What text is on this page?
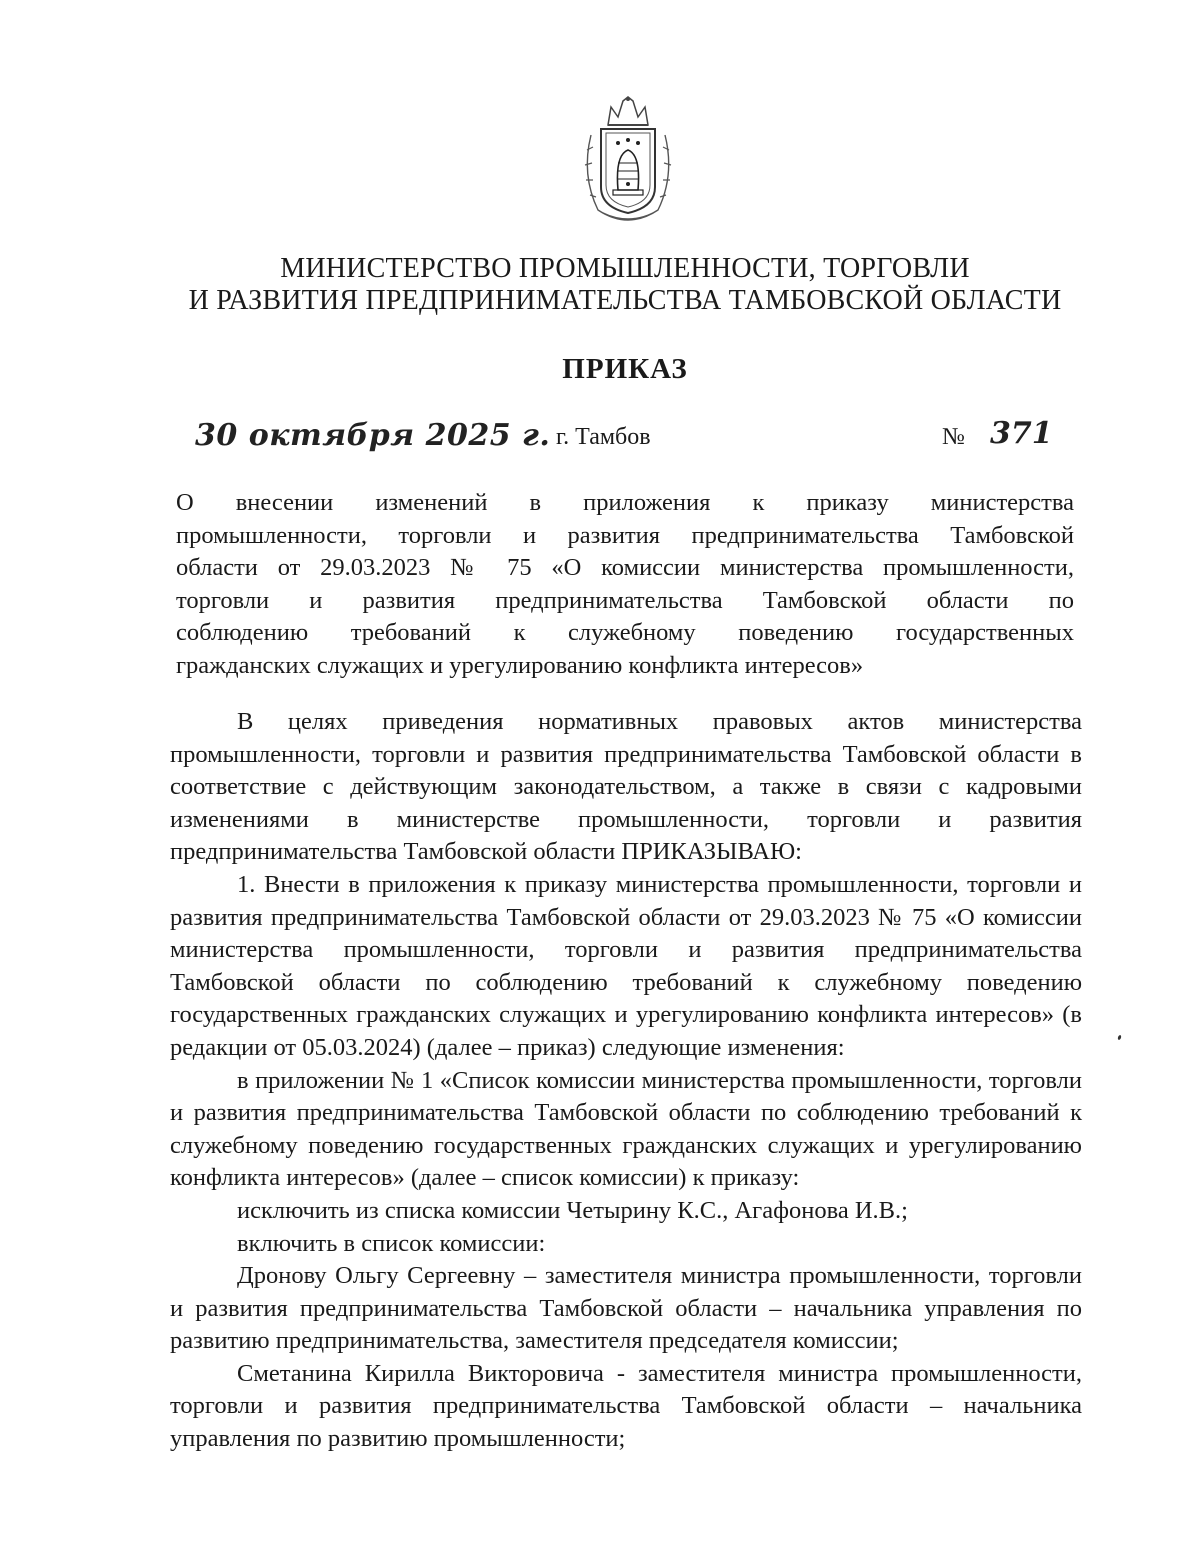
МИНИСТЕРСТВО ПРОМЫШЛЕННОСТИ, ТОРГОВЛИ
И РАЗВИТИЯ ПРЕДПРИНИМАТЕЛЬСТВА ТАМБОВСКОЙ ОБЛАСТИ
ПРИКАЗ
30 октября 2025 г. г. Тамбов	№ 371
О внесении изменений в приложения к приказу министерства
промышленности, торговли и развития предпринимательства Тамбовской
области от 29.03.2023 № 75 «О комиссии министерства промышленности,
торговли и развития предпринимательства Тамбовской области по
соблюдению требований к служебному поведению государственных
гражданских служащих и урегулированию конфликта интересов»

В целях приведения нормативных правовых актов министерства промышленности, торговли и развития предпринимательства Тамбовской области в соответствие с действующим законодательством, а также в связи с кадровыми изменениями в министерстве промышленности, торговли и развития предпринимательства Тамбовской области ПРИКАЗЫВАЮ:

1. Внести в приложения к приказу министерства промышленности, торговли и развития предпринимательства Тамбовской области от 29.03.2023 № 75 «О комиссии министерства промышленности, торговли и развития предпринимательства Тамбовской области по соблюдению требований к служебному поведению государственных гражданских служащих и урегулированию конфликта интересов» (в редакции от 05.03.2024) (далее – приказ) следующие изменения:

в приложении № 1 «Список комиссии министерства промышленности, торговли и развития предпринимательства Тамбовской области по соблюдению требований к служебному поведению государственных гражданских служащих и урегулированию конфликта интересов» (далее – список комиссии) к приказу:

исключить из списка комиссии Четырину К.С., Агафонова И.В.;

включить в список комиссии:

Дронову Ольгу Сергеевну – заместителя министра промышленности, торговли и развития предпринимательства Тамбовской области – начальника управления по развитию предпринимательства, заместителя председателя комиссии;

Сметанина Кирилла Викторовича - заместителя министра промышленности, торговли и развития предпринимательства Тамбовской области – начальника управления по развитию промышленности;
